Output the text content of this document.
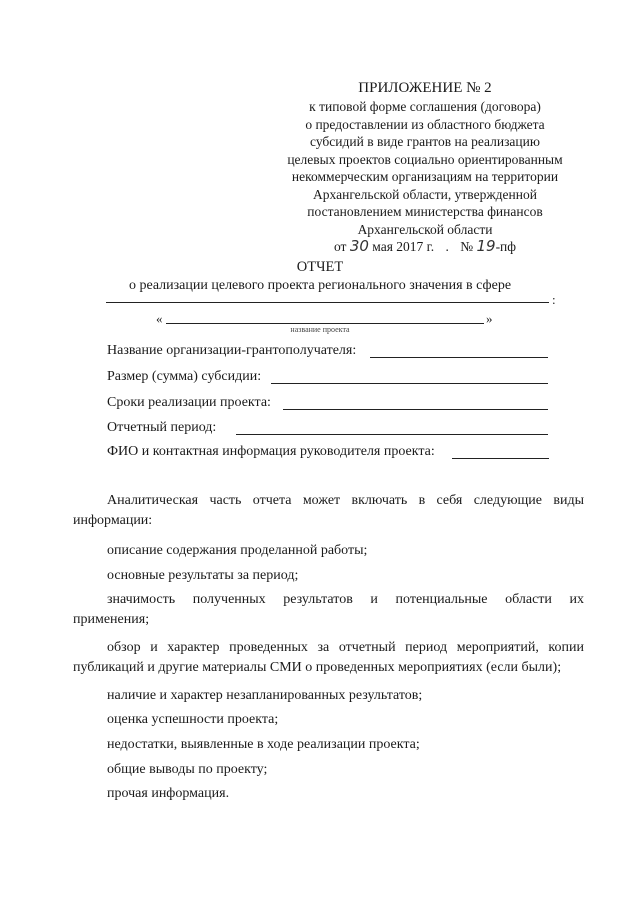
ПРИЛОЖЕНИЕ № 2
к типовой форме соглашения (договора)
о предоставлении из областного бюджета
субсидий в виде грантов на реализацию
целевых проектов социально ориентированным
некоммерческим организациям на территории
Архангельской области, утвержденной
постановлением министерства финансов
Архангельской области
от 30 мая 2017 г. . № 19-пф
ОТЧЕТ
о реализации целевого проекта регионального значения в сфере
:
«	»
название проекта
Название организации-грантополучателя:
Размер (сумма) субсидии:
Сроки реализации проекта:
Отчетный период:
ФИО и контактная информация руководителя проекта:
Аналитическая часть отчета может включать в себя следующие виды
информации:
описание содержания проделанной работы;
основные результаты за период;
значимость полученных результатов и потенциальные области их
применения;
обзор и характер проведенных за отчетный период мероприятий, копии
публикаций и другие материалы СМИ о проведенных мероприятиях (если были);
наличие и характер незапланированных результатов;
оценка успешности проекта;
недостатки, выявленные в ходе реализации проекта;
общие выводы по проекту;
прочая информация.
